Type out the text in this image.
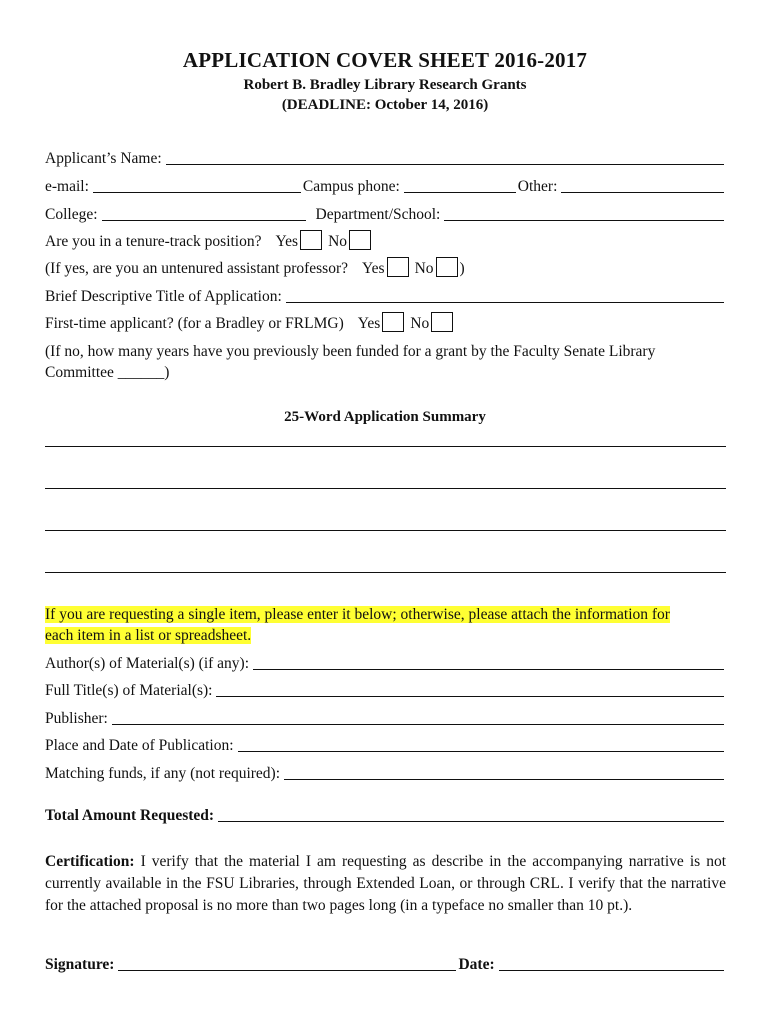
APPLICATION COVER SHEET 2016-2017
Robert B. Bradley Library Research Grants
(DEADLINE: October 14, 2016)
Applicant’s Name:
e-mail:	Campus phone:	Other:
College:	Department/School:
Are you in a tenure-track position? Yes No
(If yes, are you an untenured assistant professor? Yes No )
Brief Descriptive Title of Application:
First-time applicant? (for a Bradley or FRLMG) Yes No
(If no, how many years have you previously been funded for a grant by the Faculty Senate Library
Committee ______)
25-Word Application Summary
If you are requesting a single item, please enter it below; otherwise, please attach the information for
each item in a list or spreadsheet.
Author(s) of Material(s) (if any):
Full Title(s) of Material(s):
Publisher:
Place and Date of Publication:
Matching funds, if any (not required):
Total Amount Requested:
Certification: I verify that the material I am requesting as describe in the accompanying narrative is not currently available in the FSU Libraries, through Extended Loan, or through CRL. I verify that the narrative for the attached proposal is no more than two pages long (in a typeface no smaller than 10 pt.).
Signature:	Date:
